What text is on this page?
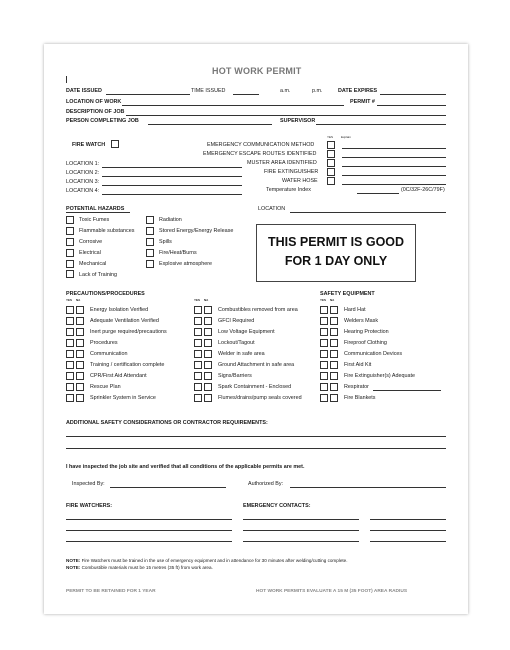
HOT WORK PERMIT
DATE ISSUED	TIME ISSUED	a.m.	p.m.	DATE EXPIRES
LOCATION OF WORK	PERMIT #
DESCRIPTION OF JOB
PERSON COMPLETING JOB	SUPERVISOR
FIRE WATCH
YES	Explain
LOCATION 1:
LOCATION 2:
LOCATION 3:
LOCATION 4:
EMERGENCY COMMUNICATION METHOD
EMERGENCY ESCAPE ROUTES IDENTIFIED
MUSTER AREA IDENTIFIED
FIRE EXTINGUISHER
WATER HOSE
Temperature Index	(0C/32F-26C/79F)
POTENTIAL HAZARDS	LOCATION
Toxic Fumes
Flammable substances
Corrosive
Electrical
Mechanical
Lack of Training
Radiation
Stored Energy/Energy Release
Spills
Fire/Heat/Burns
Explosive atmosphere
THIS PERMIT IS GOOD
FOR 1 DAY ONLY
PRECAUTIONS/PROCEDURES
YES NA	YES NA
SAFETY EQUIPMENT
YES NA
Energy Isolation Verified	Combustibles removed from area	Hard Hat
Adequate Ventilation Verified	GFCI Required	Welders Mask
Inert purge required/precautions	Low Voltage Equipment	Hearing Protection
Procedures	Lockout/Tagout	Fireproof Clothing
Communication	Welder in safe area	Communication Devices
Training / certification complete	Ground Attachment in safe area	First Aid Kit
CPR/First Aid Attendant	Signs/Barriers	Fire Extinguisher(s) Adequate
Rescue Plan	Spark Containment - Enclosed	Respirator
Sprinkler System in Service	Flumes/drains/pump seals covered	Fire Blankets
ADDITIONAL SAFETY CONSIDERATIONS OR CONTRACTOR REQUIREMENTS:
I have inspected the job site and verified that all conditions of the applicable permits are met.
Inspected By:	Authorized By:
FIRE WATCHERS:	EMERGENCY CONTACTS:
NOTE: Fire Watchers must be trained in the use of emergency equipment and in attendance for 30 minutes after welding/cutting complete.
NOTE: Combustible materials must be 15 metres (35 ft) from work area.
PERMIT TO BE RETAINED FOR 1 YEAR	HOT WORK PERMITS EVALUATE A 15 M (35 FOOT) AREA RADIUS
